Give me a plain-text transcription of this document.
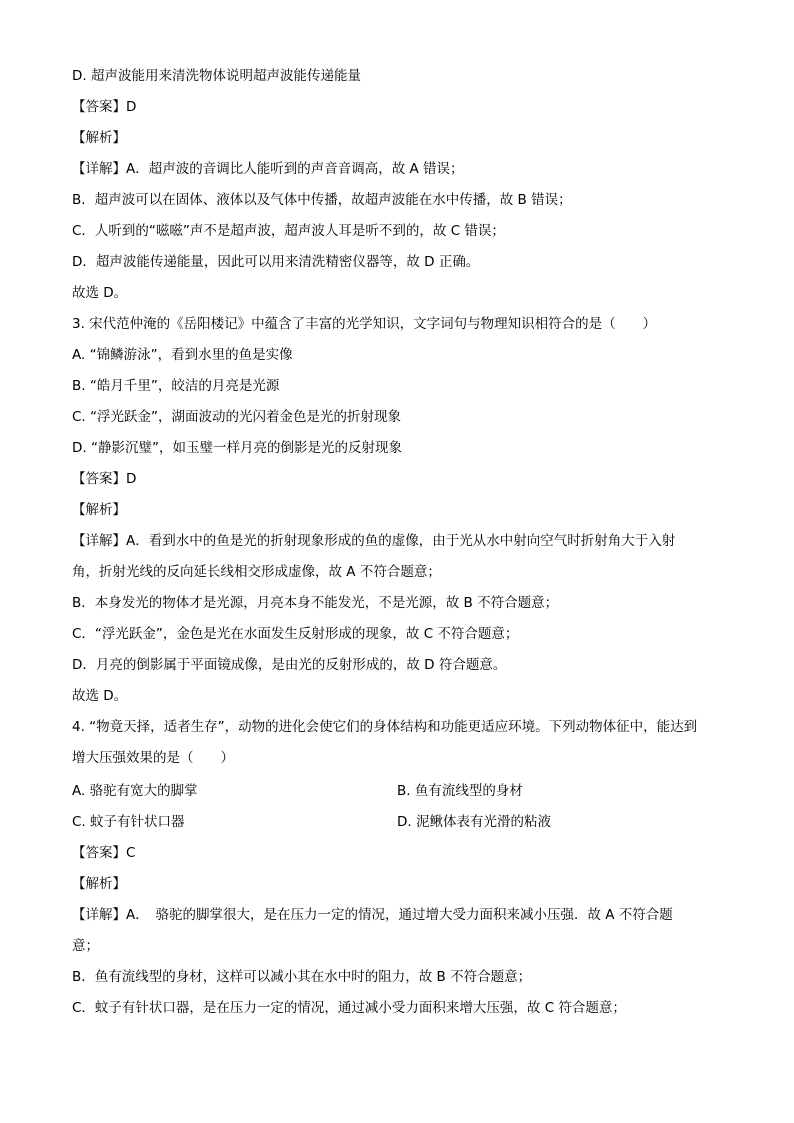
D. 超声波能用来清洗物体说明超声波能传递能量
【答案】D
【解析】
【详解】A．超声波的音调比人能听到的声音音调高，故 A 错误；
B．超声波可以在固体、液体以及气体中传播，故超声波能在水中传播，故 B 错误；
C．人听到的“嗞嗞”声不是超声波，超声波人耳是听不到的，故 C 错误；
D．超声波能传递能量，因此可以用来清洗精密仪器等，故 D 正确。
故选 D。
3. 宋代范仲淹的《岳阳楼记》中蕴含了丰富的光学知识，文字词句与物理知识相符合的是（　　）
A. “锦鳞游泳”，看到水里的鱼是实像
B. “皓月千里”，皎洁的月亮是光源
C. “浮光跃金”，湖面波动的光闪着金色是光的折射现象
D. “静影沉璧”，如玉璧一样月亮的倒影是光的反射现象
【答案】D
【解析】
【详解】A．看到水中的鱼是光的折射现象形成的鱼的虚像，由于光从水中射向空气时折射角大于入射
角，折射光线的反向延长线相交形成虚像，故 A 不符合题意；
B．本身发光的物体才是光源，月亮本身不能发光，不是光源，故 B 不符合题意；
C．“浮光跃金”，金色是光在水面发生反射形成的现象，故 C 不符合题意；
D．月亮的倒影属于平面镜成像，是由光的反射形成的，故 D 符合题意。
故选 D。
4. “物竟天择，适者生存”，动物的进化会使它们的身体结构和功能更适应环境。下列动物体征中，能达到
增大压强效果的是（　　）
A. 骆驼有宽大的脚掌	B. 鱼有流线型的身材
C. 蚊子有针状口器	D. 泥鳅体表有光滑的粘液
【答案】C
【解析】
【详解】A．　骆驼的脚掌很大，是在压力一定的情况，通过增大受力面积来减小压强．故 A 不符合题
意；
B．鱼有流线型的身材，这样可以减小其在水中时的阻力，故 B 不符合题意；
C．蚊子有针状口器，是在压力一定的情况，通过减小受力面积来增大压强，故 C 符合题意；
